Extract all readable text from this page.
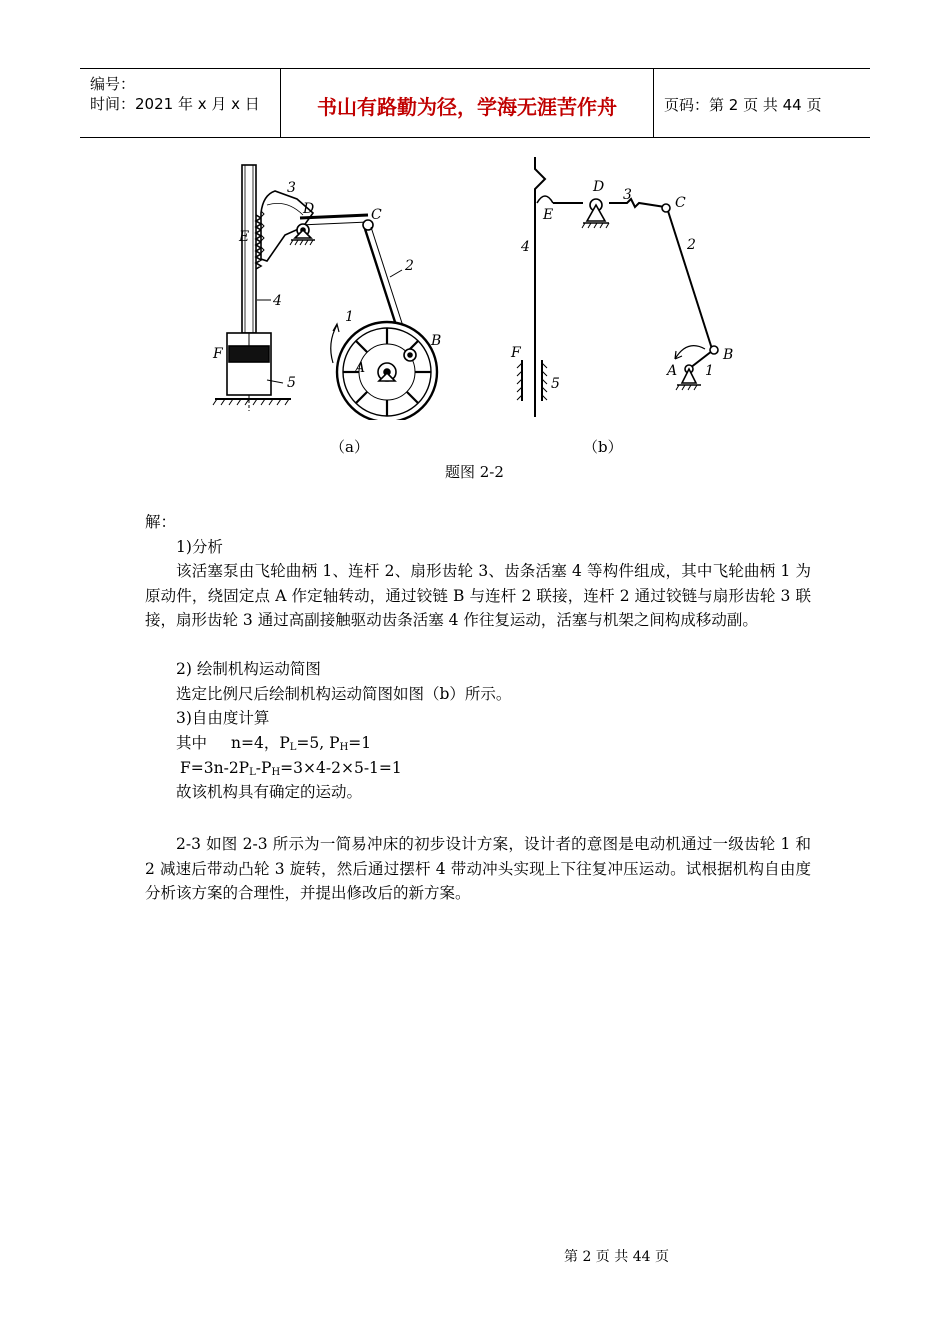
编号：
时间：2021 年 x 月 x 日	书山有路勤为径，学海无涯苦作舟	页码：第 2 页 共 44 页
3
D	C
E
2
4
1
B
F
A
5
D 3	C
E
4	2
F
5
A 1
B
（a）	（b）
题图 2-2
解：
1)分析
该活塞泵由飞轮曲柄 1、连杆 2、扇形齿轮 3、齿条活塞 4 等构件组成，其中飞轮曲柄 1 为原动件，绕固定点 A 作定轴转动，通过铰链 B 与连杆 2 联接，连杆 2 通过铰链与扇形齿轮 3 联接，扇形齿轮 3 通过高副接触驱动齿条活塞 4 作往复运动，活塞与机架之间构成移动副。
2) 绘制机构运动简图
选定比例尺后绘制机构运动简图如图（b）所示。
3)自由度计算
其中 n=4，$P_L=5$, $P_H=1$
$F=3n-2P_L-P_H=3\times 4-2\times 5-1=1$
故该机构具有确定的运动。
2-3 如图 2-3 所示为一简易冲床的初步设计方案，设计者的意图是电动机通过一级齿轮 1 和 2 减速后带动凸轮 3 旋转，然后通过摆杆 4 带动冲头实现上下往复冲压运动。试根据机构自由度分析该方案的合理性，并提出修改后的新方案。
第 2 页 共 44 页
